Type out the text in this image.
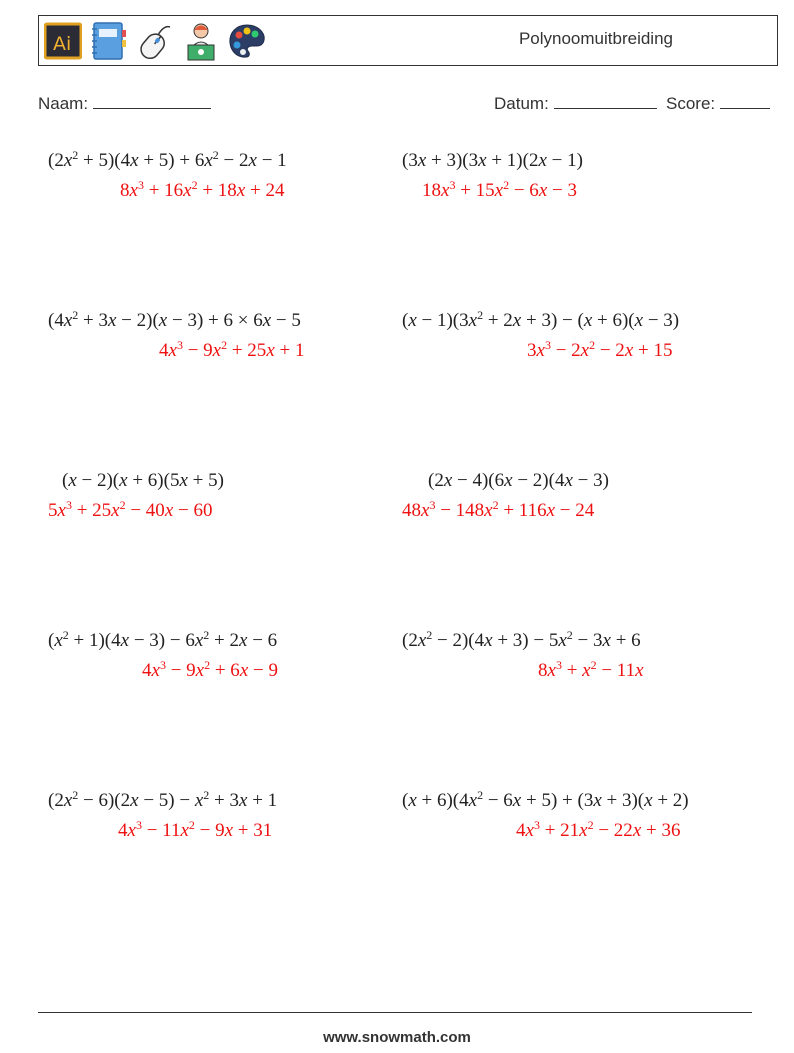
Ai	Polynoomuitbreiding
Naam:	Datum:	Score:
$(2x^2 + 5)(4x + 5) + 6x^2 - 2x - 1$
$8x^3 + 16x^2 + 18x + 24$
(3x + 3)(3x + 1)(2x − 1)
$18x^3 + 15x^2 - 6x - 3$
$(4x^2 + 3x - 2)(x - 3) + 6 \times 6x - 5$
$4x^3 - 9x^2 + 25x + 1$
$(x - 1)(3x^2 + 2x + 3) - (x + 6)(x - 3)$
$3x^3 - 2x^2 - 2x + 15$
(x − 2)(x + 6)(5x + 5)
$5x^3 + 25x^2 - 40x - 60$
(2x − 4)(6x − 2)(4x − 3)
$48x^3 - 148x^2 + 116x - 24$
$(x^2 + 1)(4x - 3) - 6x^2 + 2x - 6$
$4x^3 - 9x^2 + 6x - 9$
$(2x^2 - 2)(4x + 3) - 5x^2 - 3x + 6$
$8x^3 + x^2 - 11x$
$(2x^2 - 6)(2x - 5) - x^2 + 3x + 1$
$4x^3 - 11x^2 - 9x + 31$
$(x + 6)(4x^2 - 6x + 5) + (3x + 3)(x + 2)$
$4x^3 + 21x^2 - 22x + 36$
www.snowmath.com
